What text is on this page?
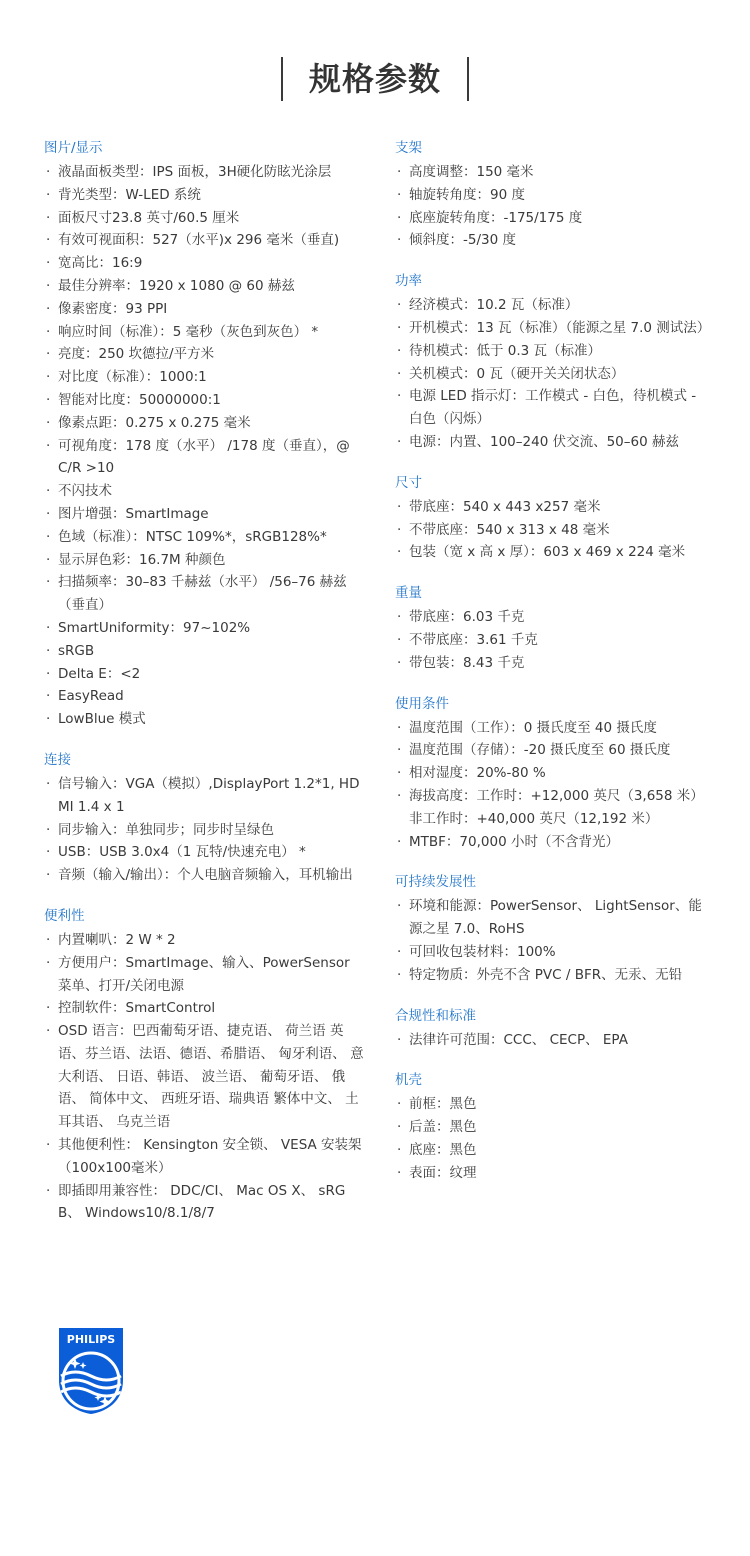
规格参数
图片/显示
· 液晶面板类型：IPS 面板，3H硬化防眩光涂层
· 背光类型：W-LED 系统
· 面板尺寸23.8 英寸/60.5 厘米
· 有效可视面积：527（水平)x 296 毫米（垂直)
· 宽高比：16:9
· 最佳分辨率：1920 x 1080 @ 60 赫兹
· 像素密度：93 PPI
· 响应时间（标准）：5 毫秒（灰色到灰色） *
· 亮度：250 坎德拉/平方米
· 对比度（标准）：1000:1
· 智能对比度：50000000:1
· 像素点距：0.275 x 0.275 毫米
· 可视角度：178 度（水平） /178 度（垂直），@ C/R >10
· 不闪技术
· 图片增强：SmartImage
· 色域（标准）：NTSC 109%*，sRGB128%*
· 显示屏色彩：16.7M 种颜色
· 扫描频率：30–83 千赫兹（水平） /56–76 赫兹（垂直）
· SmartUniformity：97~102%
· sRGB
· Delta E：<2
· EasyRead
· LowBlue 模式
连接
· 信号输入：VGA（模拟）,DisplayPort 1.2*1, HDMI 1.4 x 1
· 同步输入：单独同步；同步时呈绿色
· USB：USB 3.0x4（1 瓦特/快速充电） *
· 音频（输入/输出）：个人电脑音频输入，耳机输出
便利性
· 内置喇叭：2 W * 2
· 方便用户：SmartImage、输入、PowerSensor 菜单、打开/关闭电源
· 控制软件：SmartControl
· OSD 语言：巴西葡萄牙语、捷克语、 荷兰语 英语、芬兰语、法语、德语、希腊语、 匈牙利语、 意大利语、 日语、韩语、 波兰语、 葡萄牙语、 俄语、 简体中文、 西班牙语、瑞典语 繁体中文、 土耳其语、 乌克兰语
· 其他便利性： Kensington 安全锁、 VESA 安装架（100x100毫米）
· 即插即用兼容性： DDC/CI、 Mac OS X、 sRGB、 Windows10/8.1/8/7
支架
· 高度调整：150 毫米
· 轴旋转角度：90 度
· 底座旋转角度：-175/175 度
· 倾斜度：-5/30 度
功率
· 经济模式：10.2 瓦（标准）
· 开机模式：13 瓦（标准）（能源之星 7.0 测试法）
· 待机模式：低于 0.3 瓦（标准）
· 关机模式：0 瓦（硬开关关闭状态）
· 电源 LED 指示灯：工作模式 - 白色，待机模式 - 白色（闪烁）
· 电源：内置、100–240 伏交流、50–60 赫兹
尺寸
· 带底座：540 x 443 x257 毫米
· 不带底座：540 x 313 x 48 毫米
· 包装（宽 x 高 x 厚）：603 x 469 x 224 毫米
重量
· 带底座：6.03 千克
· 不带底座：3.61 千克
· 带包装：8.43 千克
使用条件
· 温度范围（工作）：0 摄氏度至 40 摄氏度
· 温度范围（存储）：-20 摄氏度至 60 摄氏度
· 相对湿度：20%-80 %
· 海拔高度：工作时：+12,000 英尺（3,658 米） 非工作时：+40,000 英尺（12,192 米）
· MTBF：70,000 小时（不含背光）
可持续发展性
· 环境和能源：PowerSensor、 LightSensor、能源之星 7.0、RoHS
· 可回收包装材料：100%
· 特定物质：外壳不含 PVC / BFR、无汞、无铅
合规性和标准
· 法律许可范围：CCC、 CECP、 EPA
机壳
· 前框：黑色
· 后盖：黑色
· 底座：黑色
· 表面：纹理
PHILIPS
